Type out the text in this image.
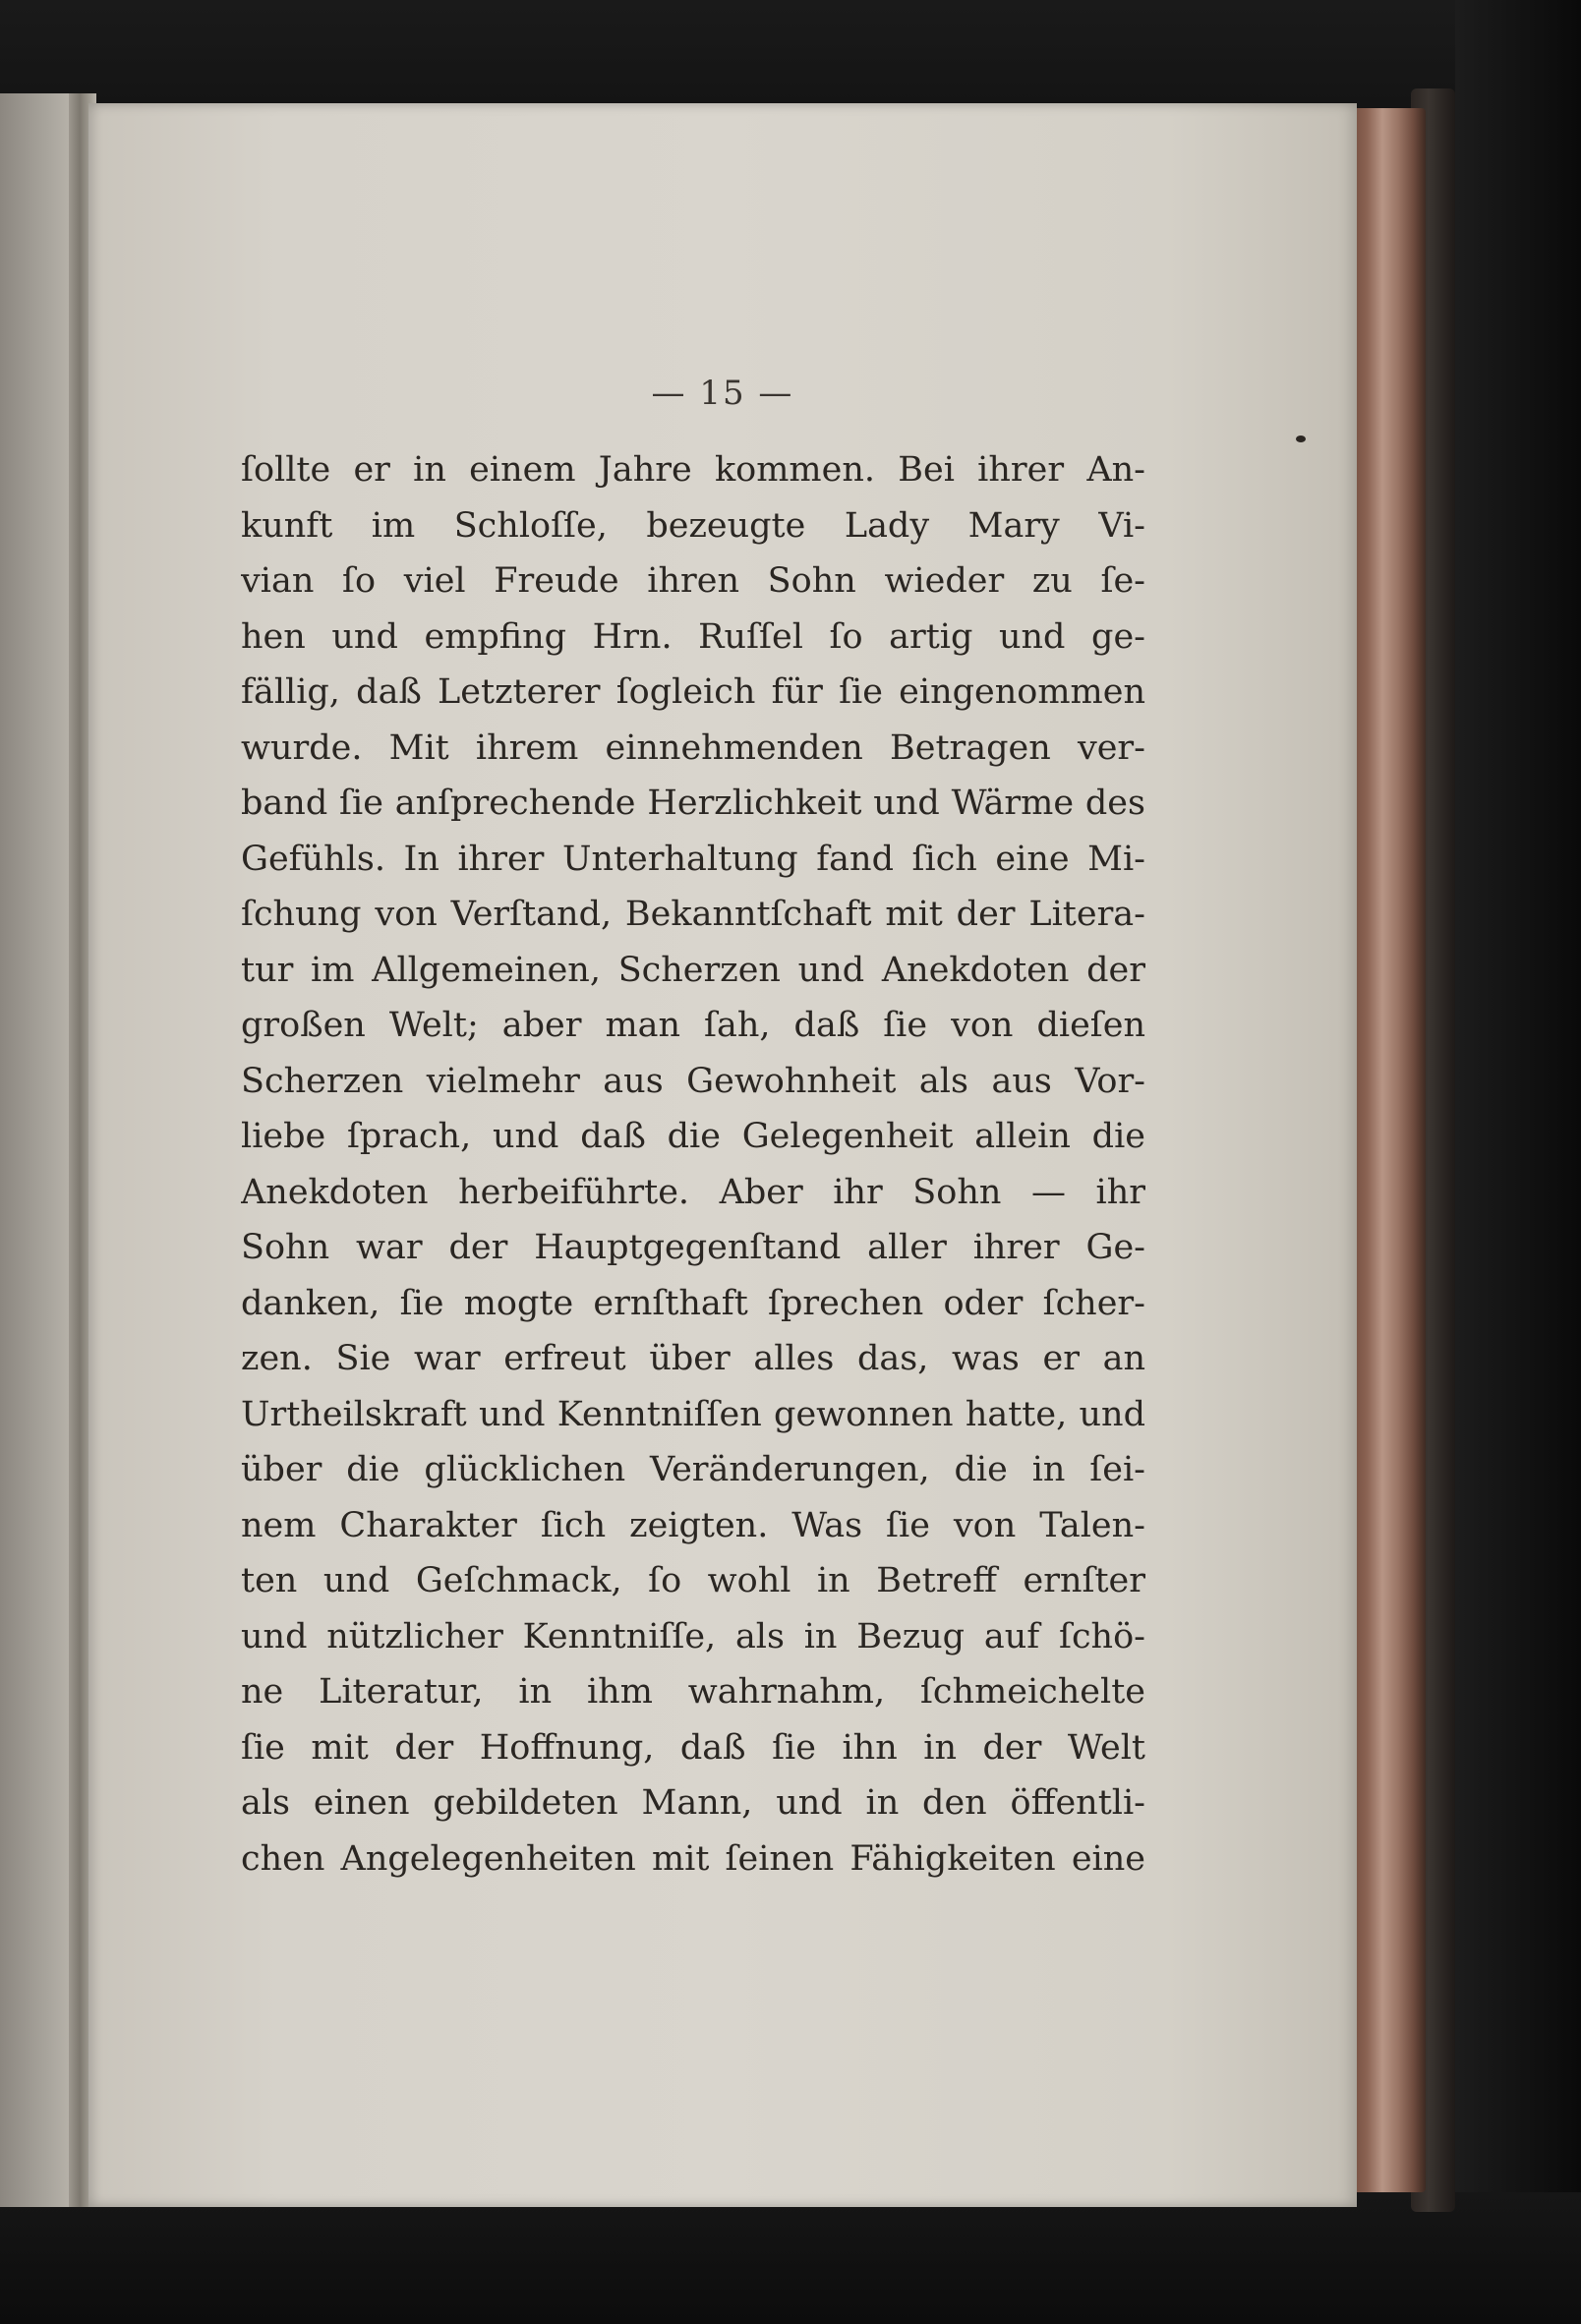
— 15 —
ſollte er in einem Jahre kommen. Bei ihrer An-
kunft im Schloſſe, bezeugte Lady Mary Vi-
vian ſo viel Freude ihren Sohn wieder zu ſe-
hen und empfing Hrn. Ruſſel ſo artig und ge-
fällig, daß Letzterer ſogleich für ſie eingenommen
wurde. Mit ihrem einnehmenden Betragen ver-
band ſie anſprechende Herzlichkeit und Wärme des
Gefühls. In ihrer Unterhaltung fand ſich eine Mi-
ſchung von Verſtand, Bekanntſchaft mit der Litera-
tur im Allgemeinen, Scherzen und Anekdoten der
großen Welt; aber man ſah, daß ſie von dieſen
Scherzen vielmehr aus Gewohnheit als aus Vor-
liebe ſprach, und daß die Gelegenheit allein die
Anekdoten herbeiführte. Aber ihr Sohn — ihr
Sohn war der Hauptgegenſtand aller ihrer Ge-
danken, ſie mogte ernſthaft ſprechen oder ſcher-
zen. Sie war erfreut über alles das, was er an
Urtheilskraft und Kenntniſſen gewonnen hatte, und
über die glücklichen Veränderungen, die in ſei-
nem Charakter ſich zeigten. Was ſie von Talen-
ten und Geſchmack, ſo wohl in Betreff ernſter
und nützlicher Kenntniſſe, als in Bezug auf ſchö-
ne Literatur, in ihm wahrnahm, ſchmeichelte
ſie mit der Hoffnung, daß ſie ihn in der Welt
als einen gebildeten Mann, und in den öffentli-
chen Angelegenheiten mit ſeinen Fähigkeiten eine
